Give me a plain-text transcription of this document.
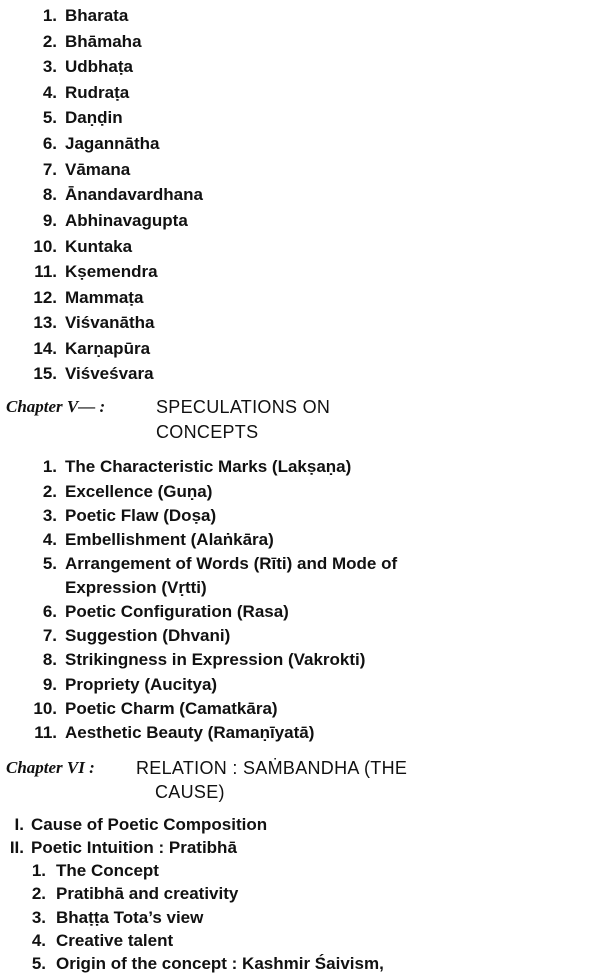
1. Bharata
2. Bhāmaha
3. Udbhaṭa
4. Rudraṭa
5. Daṇḍin
6. Jagannātha
7. Vāmana
8. Ānandavardhana
9. Abhinavagupta
10. Kuntaka
11. Kṣemendra
12. Mammaṭa
13. Viśvanātha
14. Karṇapūra
15. Viśveśvara
Chapter V— :	SPECULATIONS ON
CONCEPTS
1. The Characteristic Marks (Lakṣaṇa)
2. Excellence (Guṇa)
3. Poetic Flaw (Doṣa)
4. Embellishment (Alaṅkāra)
5. Arrangement of Words (Rīti) and Mode of
Expression (Vṛtti)
6. Poetic Configuration (Rasa)
7. Suggestion (Dhvani)
8. Strikingness in Expression (Vakrokti)
9. Propriety (Aucitya)
10. Poetic Charm (Camatkāra)
11. Aesthetic Beauty (Ramaṇīyatā)
Chapter VI : RELATION : SAṀBANDHA (THE
CAUSE)
I. Cause of Poetic Composition
II. Poetic Intuition : Pratibhā
1. The Concept
2. Pratibhā and creativity
3. Bhaṭṭa Tota’s view
4. Creative talent
5. Origin of the concept : Kashmir Śaivism,
